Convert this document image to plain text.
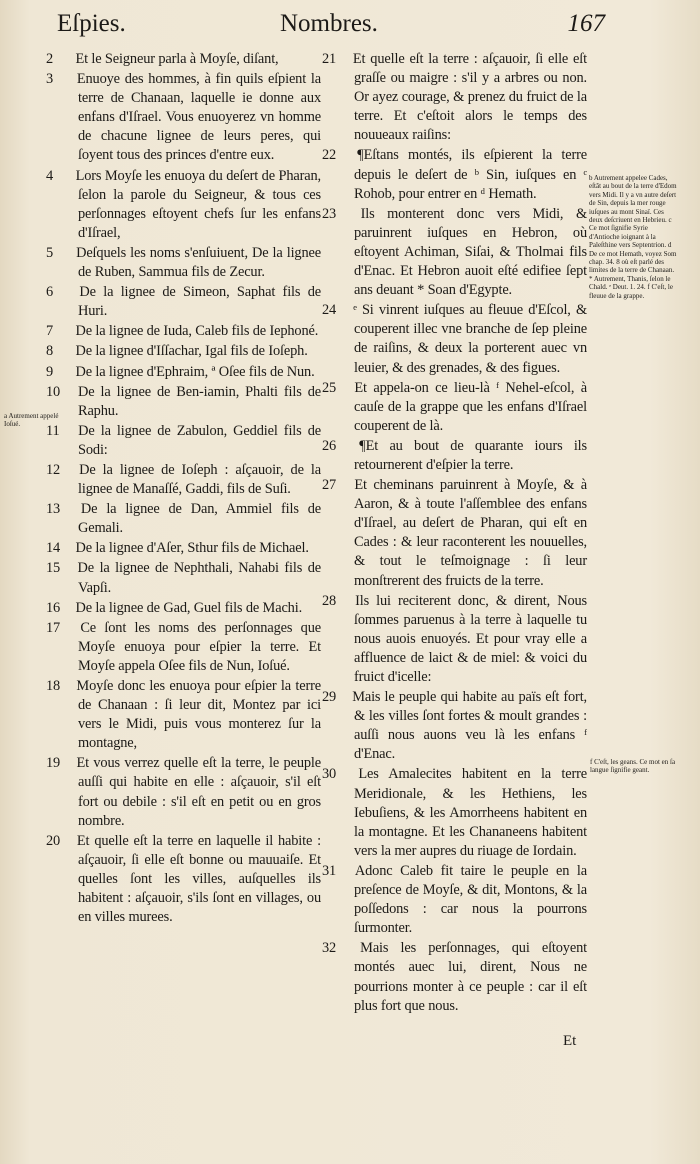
Eſpies.	Nombres.	167
a Autrement appelé Ioſué.

2 Et le Seigneur parla à Moyſe, diſant,

3 Enuoye des hommes, à fin quils eſpient la terre de Chanaan, laquelle ie donne aux enfans d'Iſrael. Vous enuoyerez vn homme de chacune lignee de leurs peres, qui ſoyent tous des princes d'entre eux.

4 Lors Moyſe les enuoya du deſert de Pharan, ſelon la parole du Seigneur, & tous ces perſonnages eſtoyent chefs ſur les enfans d'Iſrael,

5 Deſquels les noms s'enſuiuent, De la lignee de Ruben, Sammua fils de Zecur.

6 De la lignee de Simeon, Saphat fils de Huri.

7 De la lignee de Iuda, Caleb fils de Iephoné.

8 De la lignee d'Iſſachar, Igal fils de Ioſeph.

9 De la lignee d'Ephraim, ª Oſee fils de Nun.

10 De la lignee de Ben-iamin, Phalti fils de Raphu.

11 De la lignee de Zabulon, Geddiel fils de Sodi:

12 De la lignee de Ioſeph : aſçauoir, de la lignee de Manaſſé, Gaddi, fils de Suſi.

13 De la lignee de Dan, Ammiel fils de Gemali.

14 De la lignee d'Aſer, Sthur fils de Michael.

15 De la lignee de Nephthali, Nahabi fils de Vapſi.

16 De la lignee de Gad, Guel fils de Machi.

17 Ce ſont les noms des perſonnages que Moyſe enuoya pour eſpier la terre. Et Moyſe appela Oſee fils de Nun, Ioſué.

18 Moyſe donc les enuoya pour eſpier la terre de Chanaan : ſi leur dit, Montez par ici vers le Midi, puis vous monterez ſur la montagne,

19 Et vous verrez quelle eſt la terre, le peuple auſſi qui habite en elle : aſçauoir, s'il eſt fort ou debile : s'il eſt en petit ou en gros nombre.

20 Et quelle eſt la terre en laquelle il habite : aſçauoir, ſi elle eſt bonne ou mauuaiſe. Et quelles ſont les villes, auſquelles ils habitent : aſçauoir, s'ils ſont en villages, ou en villes murees.

21 Et quelle eſt la terre : aſçauoir, ſi elle eſt graſſe ou maigre : s'il y a arbres ou non. Or ayez courage, & prenez du fruict de la terre. Et c'eſtoit alors le temps des nouueaux raiſins:

22 ¶Eſtans montés, ils eſpierent la terre depuis le deſert de ᵇ Sin, iuſques en ᶜ Rohob, pour entrer en ᵈ Hemath.

23 Ils monterent donc vers Midi, & paruinrent iuſques en Hebron, où eſtoyent Achiman, Siſai, & Tholmai fils d'Enac. Et Hebron auoit eſté edifiee ſept ans deuant * Soan d'Egypte.

24 ᵉ Si vinrent iuſques au fleuue d'Eſcol, & couperent illec vne branche de ſep pleine de raiſins, & deux la porterent auec vn leuier, & des grenades, & des figues.

25 Et appela-on ce lieu-là ᶠ Nehel-eſcol, à cauſe de la grappe que les enfans d'Iſrael couperent de là.

26 ¶Et au bout de quarante iours ils retournerent d'eſpier la terre.

27 Et cheminans paruinrent à Moyſe, & à Aaron, & à toute l'aſſemblee des enfans d'Iſrael, au deſert de Pharan, qui eſt en Cades : & leur raconterent les nouuelles, & tout le teſmoignage : ſi leur monſtrerent des fruicts de la terre.

28 Ils lui reciterent donc, & dirent, Nous ſommes paruenus à la terre à laquelle tu nous auois enuoyés. Et pour vray elle a affluence de laict & de miel: & voici du fruict d'icelle:

29 Mais le peuple qui habite au païs eſt fort, & les villes ſont fortes & moult grandes : auſſi nous auons veu là les enfans ᶠ d'Enac.

30 Les Amalecites habitent en la terre Meridionale, & les Hethiens, les Iebuſiens, & les Amorrheens habitent en la montagne. Et les Chananeens habitent vers la mer aupres du riuage de Iordain.

31 Adonc Caleb fit taire le peuple en la preſence de Moyſe, & dit, Montons, & la poſſedons : car nous la pourrons ſurmonter.

32 Mais les perſonnages, qui eſtoyent montés auec lui, dirent, Nous ne pourrions monter à ce peuple : car il eſt plus fort que nous.

b Autrement appelee Cades, eſtât au bout de la terre d'Edom vers Midi. Il y a vn autre deſert de Sin, depuis la mer rouge iuſques au mont Sinaï. Ces deux deſcriuent en Hebrieu. c Ce mot ſignifie Syrie d'Antioche ioignant à la Paleſthine vers Septentrion. d De ce mot Hemath, voyez Som chap. 34. 8 où eſt parlé des limites de la terre de Chanaan. * Autrement, Thanis, ſelon le Chald. ᵉ Deut. 1. 24. f C'eſt, le fleuue de la grappe.
f C'eſt, les geans. Ce mot en ſa langue ſignifie geant.
Et
